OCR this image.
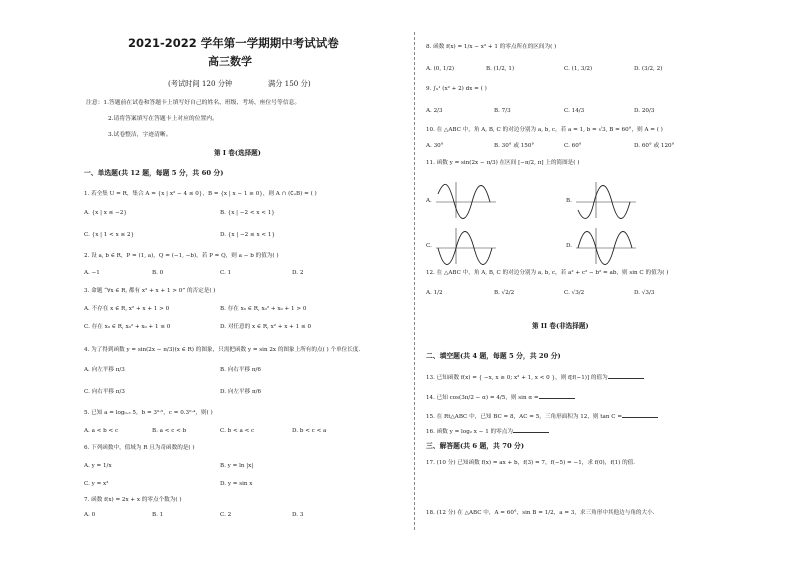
2021-2022 学年第一学期期中考试试卷
高三数学
(考试时间 120 分钟	满分 150 分)
注意：1.答题前在试卷和答题卡上填写好自己的姓名、班级、考场、座位号等信息。
2.请将答案填写在答题卡上对应的位置内。
3.试卷整洁，字迹清晰。
第 I 卷(选择题)
一、单选题(共 12 题，每题 5 分，共 60 分)
1. 若全集 U = R，集合 A = {x | x² − 4 ≤ 0}，B = {x | x − 1 ≥ 0}，则 A ∩ (∁ᵤB) = ( )
A. {x | x ≤ −2}	B. {x | −2 < x < 1}
C. {x | 1 < x ≤ 2}	D. {x | −2 ≤ x < 1}
2. 设 a, b ∈ R，P = (1, a)，Q = (−1, −b)，若 P = Q，则 a − b 的值为( )
A. −1	B. 0	C. 1	D. 2
3. 命题 “∀x ∈ R, 都有 x² + x + 1 > 0” 的否定是( )
A. 不存在 x ∈ R, x² + x + 1 > 0	B. 存在 x₀ ∈ R, x₀² + x₀ + 1 > 0
C. 存在 x₀ ∈ R, x₀² + x₀ + 1 ≤ 0	D. 对任意的 x ∈ R, x² + x + 1 ≤ 0
4. 为了得到函数 y = sin(2x − π/3)(x ∈ R) 的图象，只需把函数 y = sin 2x 的图象上所有的点( ) 个单位长度.
A. 向左平移 π/3	B. 向右平移 π/6
C. 向右平移 π/3	D. 向左平移 π/6
5. 已知 a = log₀.₃ 5，b = 3⁰·⁵，c = 0.3⁰·⁴，则( )
A. a < b < c	B. a < c < b	C. b < a < c	D. b < c < a
6. 下列函数中，值域为 R 且为奇函数的是( )
A. y = 1/x	B. y = ln |x|
C. y = x³	D. y = sin x
7. 函数 f(x) = 2x + x 的零点个数为( )
A. 0	B. 1	C. 2	D. 3
8. 函数 f(x) = 1/x − x³ + 1 的零点所在的区间为( )
A. (0, 1/2)	B. (1/2, 1)	C. (1, 3/2)	D. (3/2, 2)
9. ∫₀¹ (x² + 2) dx = ( )
A. 2/3	B. 7/3	C. 14/3	D. 20/3
10. 在 △ABC 中，角 A, B, C 的对边分别为 a, b, c，若 a = 1, b = √3, B = 60°，则 A = ( )
A. 30°	B. 30° 或 150°	C. 60°	D. 60° 或 120°
11. 函数 y = sin(2x − π/3) 在区间 [−π/2, π] 上的简图是( )
A.	B.
C.	D.
12. 在 △ABC 中，角 A, B, C 的对边分别为 a, b, c，若 a² + c² − b² = ab，则 sin C 的值为( )
A. 1/2	B. √2/2	C. √3/2	D. √3/3
第 II 卷(非选择题)
二、填空题(共 4 题，每题 5 分，共 20 分)
13. 已知函数 f(x) = { −x, x ≥ 0; x² + 1, x < 0 }，则 f[f(−1)] 的值为
14. 已知 cos(3π/2 − α) = 4/5，则 sin α =
15. 在 Rt△ABC 中，已知 BC = 8，AC = 5，三角形面积为 12，则 tan C =
16. 函数 y = log₂ x − 1 的零点为
三、解答题(共 6 题，共 70 分)
17. (10 分) 已知函数 f(x) = ax + b，f(3) = 7，f(−5) = −1，求 f(0)，f(1) 的值.
18. (12 分) 在 △ABC 中，A = 60°，sin B = 1/2，a = 3，求三角形中其他边与角的大小.
